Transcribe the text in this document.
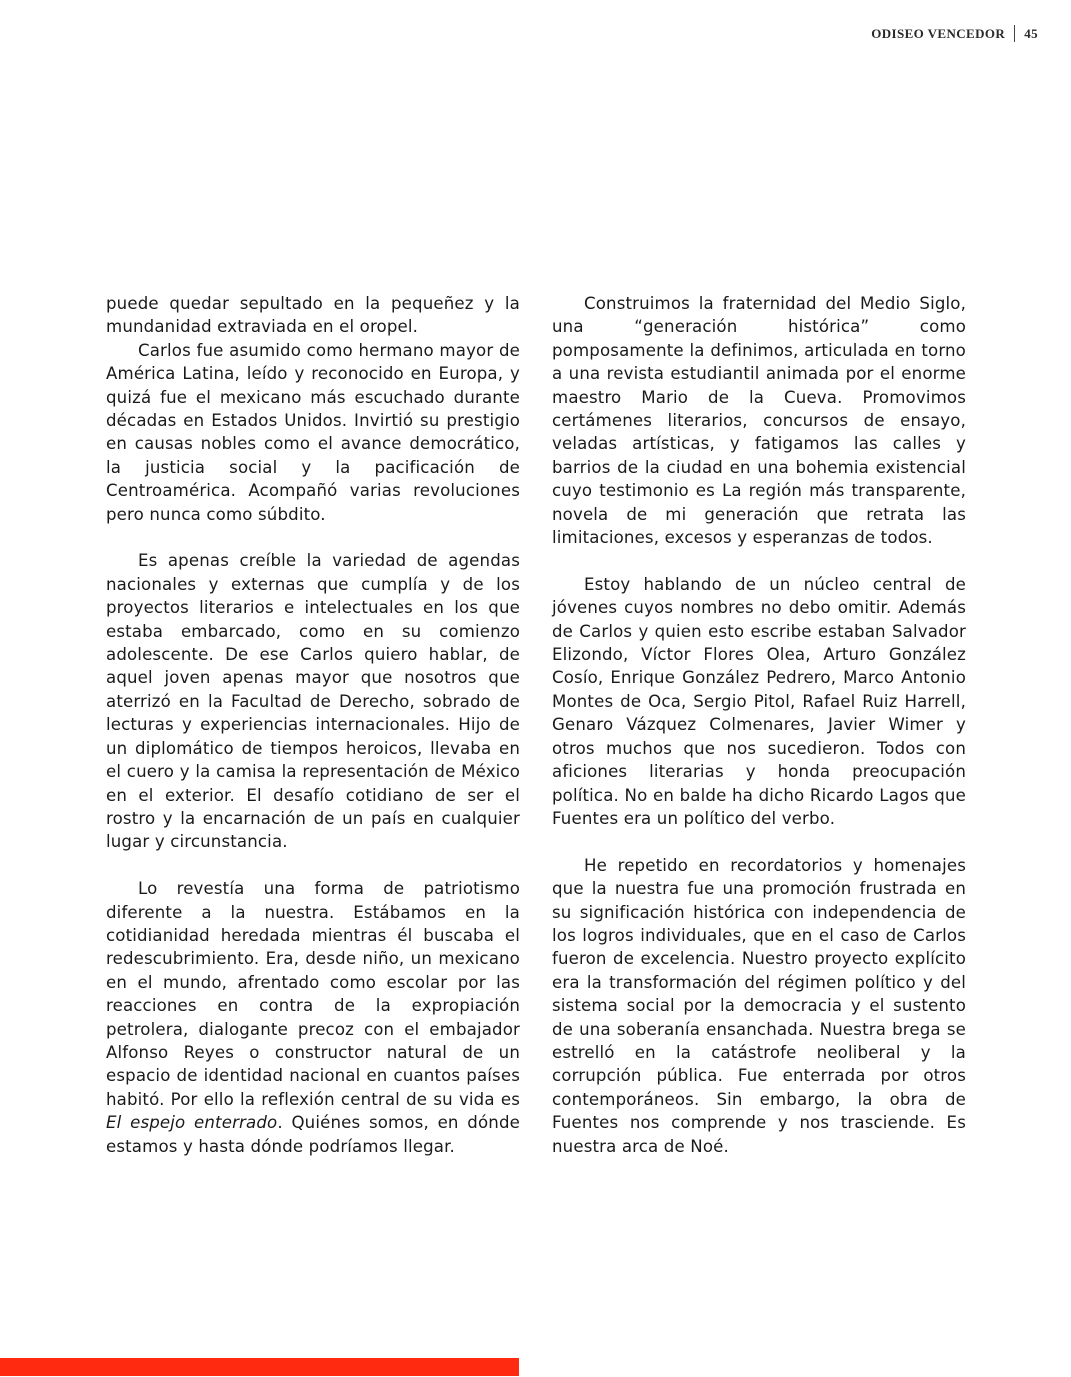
ODISEO VENCEDOR 45

puede quedar sepultado en la pequeñez y la mundanidad extraviada en el oropel.

Carlos fue asumido como hermano mayor de América Latina, leído y reconocido en Europa, y quizá fue el mexicano más escuchado durante décadas en Estados Unidos. Invirtió su prestigio en causas nobles como el avance democrático, la justicia social y la pacificación de Centroamérica. Acompañó varias revoluciones pero nunca como súbdito.

Es apenas creíble la variedad de agendas nacionales y externas que cumplía y de los proyectos literarios e intelectuales en los que estaba embarcado, como en su comienzo adolescente. De ese Carlos quiero hablar, de aquel joven apenas mayor que nosotros que aterrizó en la Facultad de Derecho, sobrado de lecturas y experiencias internacionales. Hijo de un diplomático de tiempos heroicos, llevaba en el cuero y la camisa la representación de México en el exterior. El desafío cotidiano de ser el rostro y la encarnación de un país en cualquier lugar y circunstancia.

Lo revestía una forma de patriotismo diferente a la nuestra. Estábamos en la cotidianidad heredada mientras él buscaba el redescubrimiento. Era, desde niño, un mexicano en el mundo, afrentado como escolar por las reacciones en contra de la expropiación petrolera, dialogante precoz con el embajador Alfonso Reyes o constructor natural de un espacio de identidad nacional en cuantos países habitó. Por ello la reflexión central de su vida es El espejo enterrado. Quiénes somos, en dónde estamos y hasta dónde podríamos llegar.

Construimos la fraternidad del Medio Siglo, una “generación histórica” como pomposamente la definimos, articulada en torno a una revista estudiantil animada por el enorme maestro Mario de la Cueva. Promovimos certámenes literarios, concursos de ensayo, veladas artísticas, y fatigamos las calles y barrios de la ciudad en una bohemia existencial cuyo testimonio es La región más transparente, novela de mi generación que retrata las limitaciones, excesos y esperanzas de todos.

Estoy hablando de un núcleo central de jóvenes cuyos nombres no debo omitir. Además de Carlos y quien esto escribe estaban Salvador Elizondo, Víctor Flores Olea, Arturo González Cosío, Enrique González Pedrero, Marco Antonio Montes de Oca, Sergio Pitol, Rafael Ruiz Harrell, Genaro Vázquez Colmenares, Javier Wimer y otros muchos que nos sucedieron. Todos con aficiones literarias y honda preocupación política. No en balde ha dicho Ricardo Lagos que Fuentes era un político del verbo.

He repetido en recordatorios y homenajes que la nuestra fue una promoción frustrada en su significación histórica con independencia de los logros individuales, que en el caso de Carlos fueron de excelencia. Nuestro proyecto explícito era la transformación del régimen político y del sistema social por la democracia y el sustento de una soberanía ensanchada. Nuestra brega se estrelló en la catástrofe neoliberal y la corrupción pública. Fue enterrada por otros contemporáneos. Sin embargo, la obra de Fuentes nos comprende y nos trasciende. Es nuestra arca de Noé.
